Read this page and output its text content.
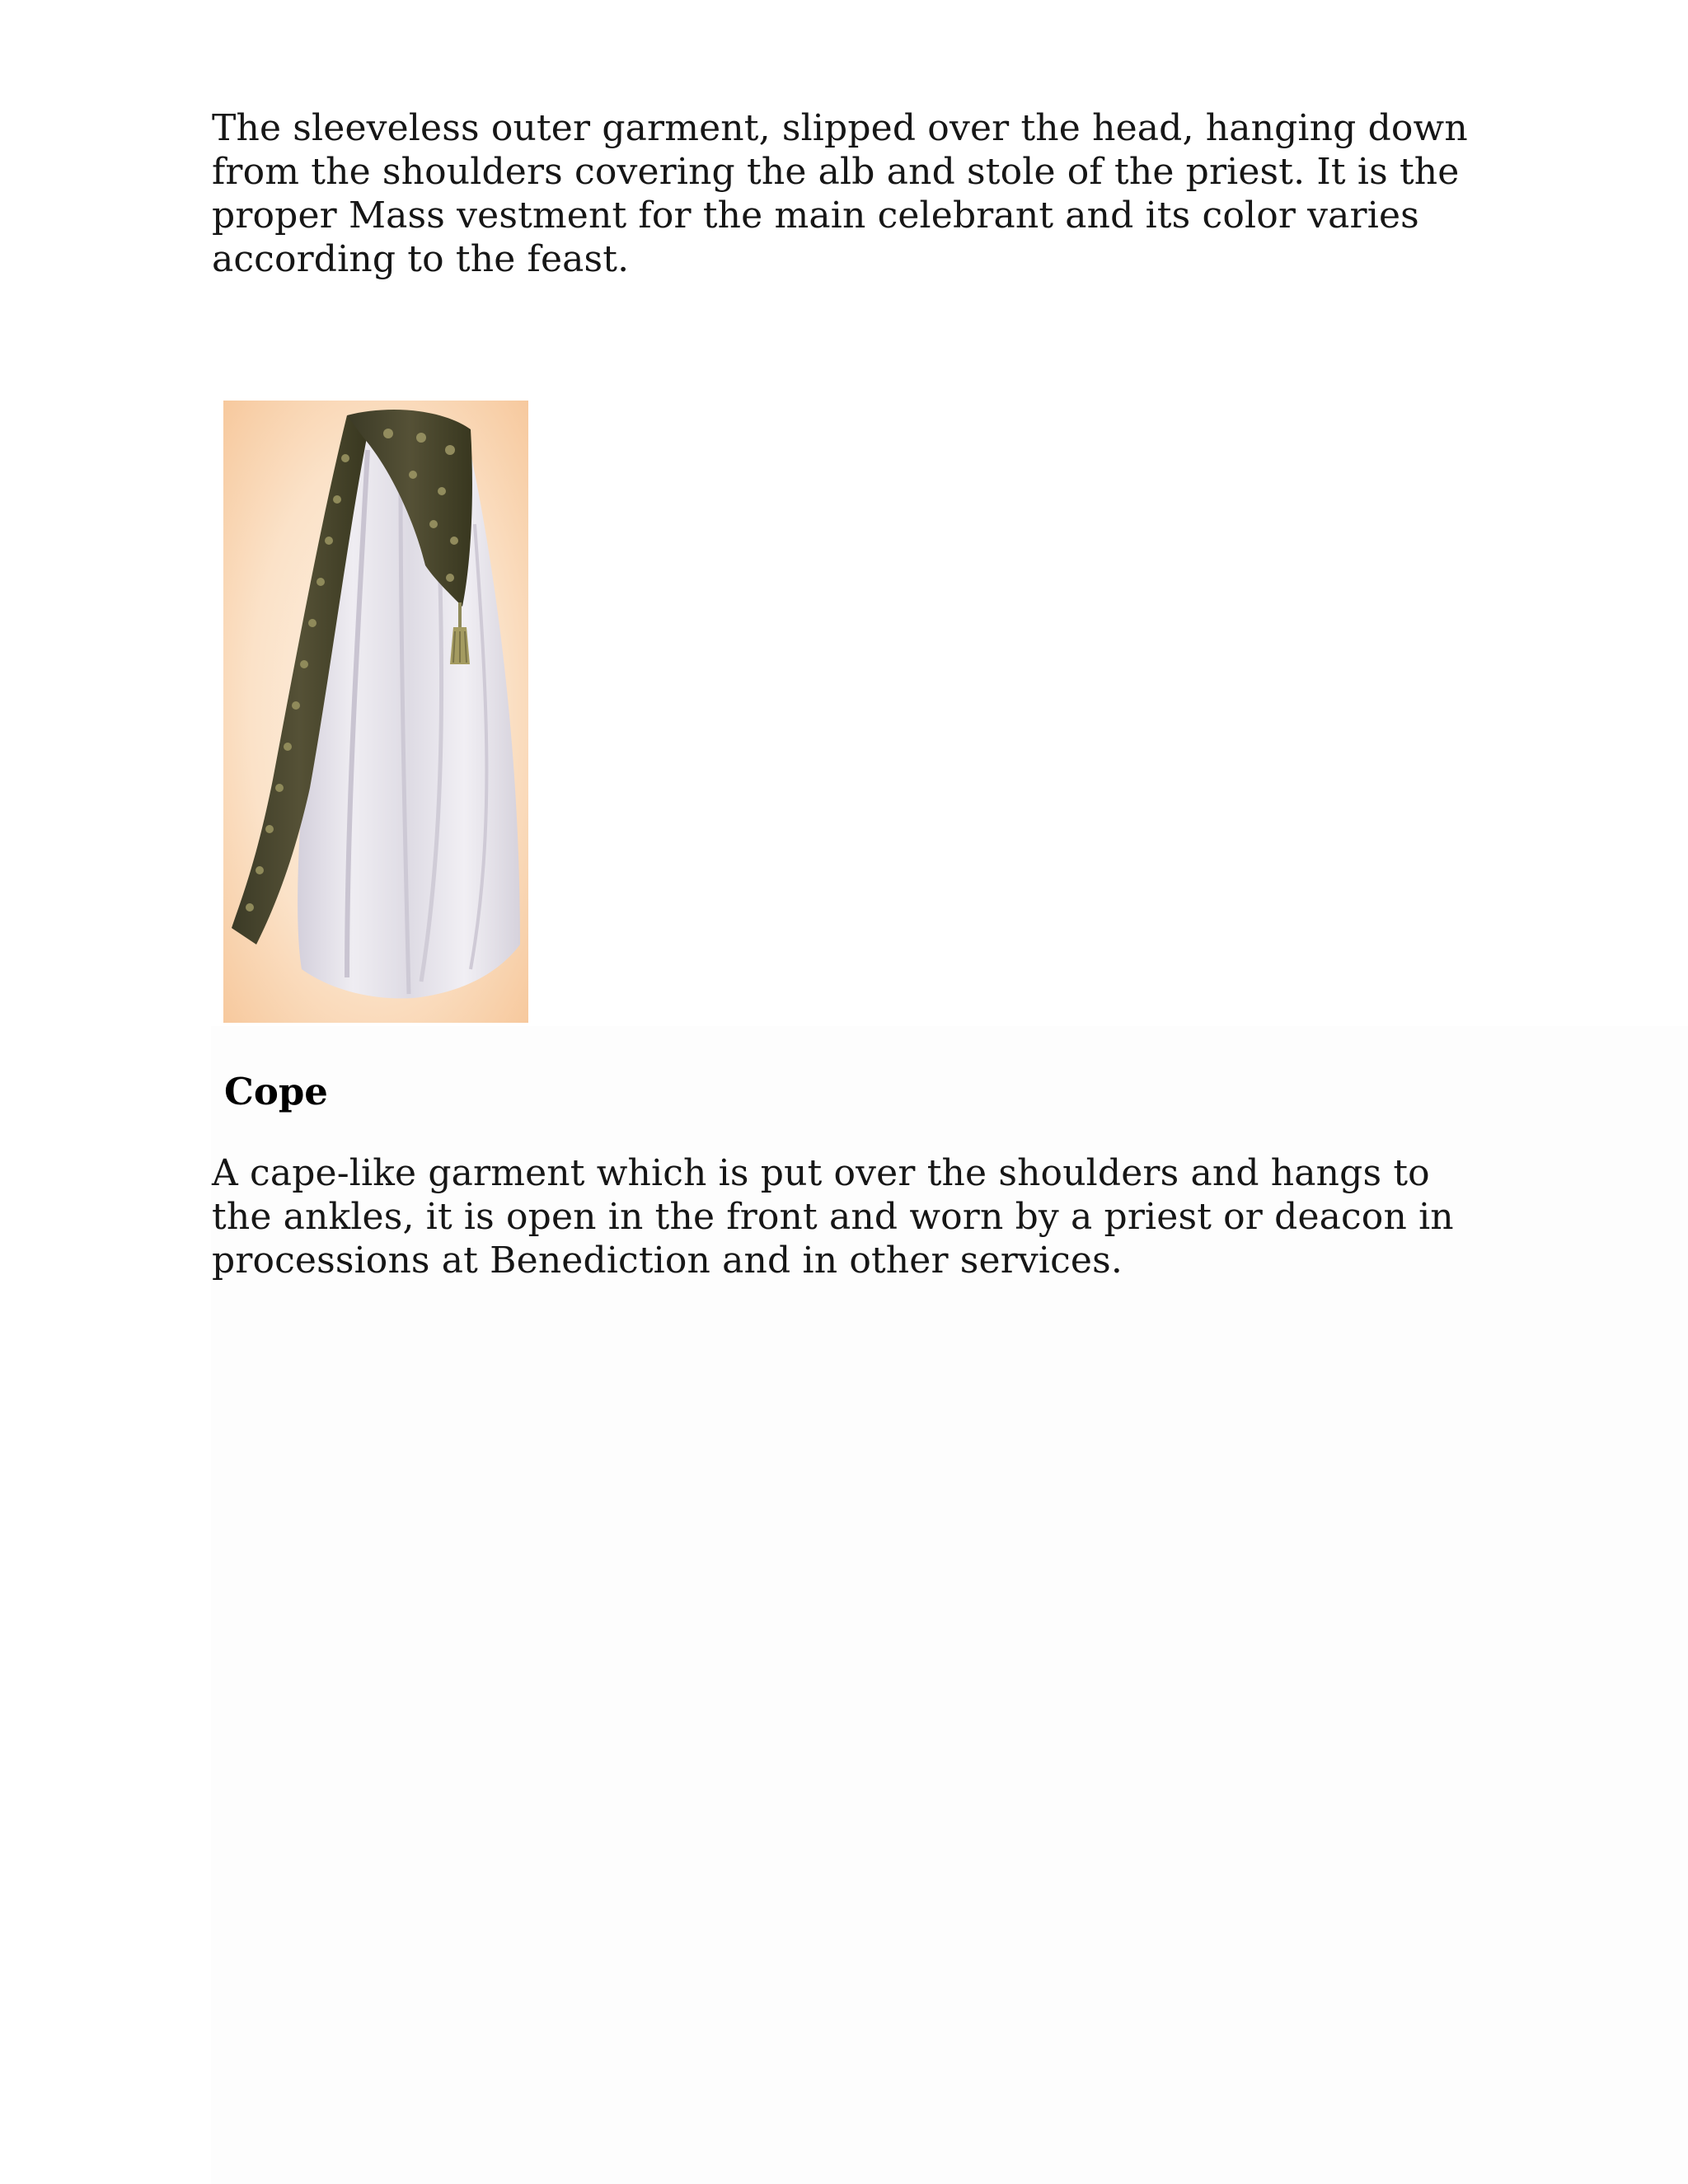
The sleeveless outer garment, slipped over the head, hanging down
from the shoulders covering the alb and stole of the priest. It is the
proper Mass vestment for the main celebrant and its color varies
according to the feast.

Cope

A cape-like garment which is put over the shoulders and hangs to
the ankles, it is open in the front and worn by a priest or deacon in
processions at Benediction and in other services.
